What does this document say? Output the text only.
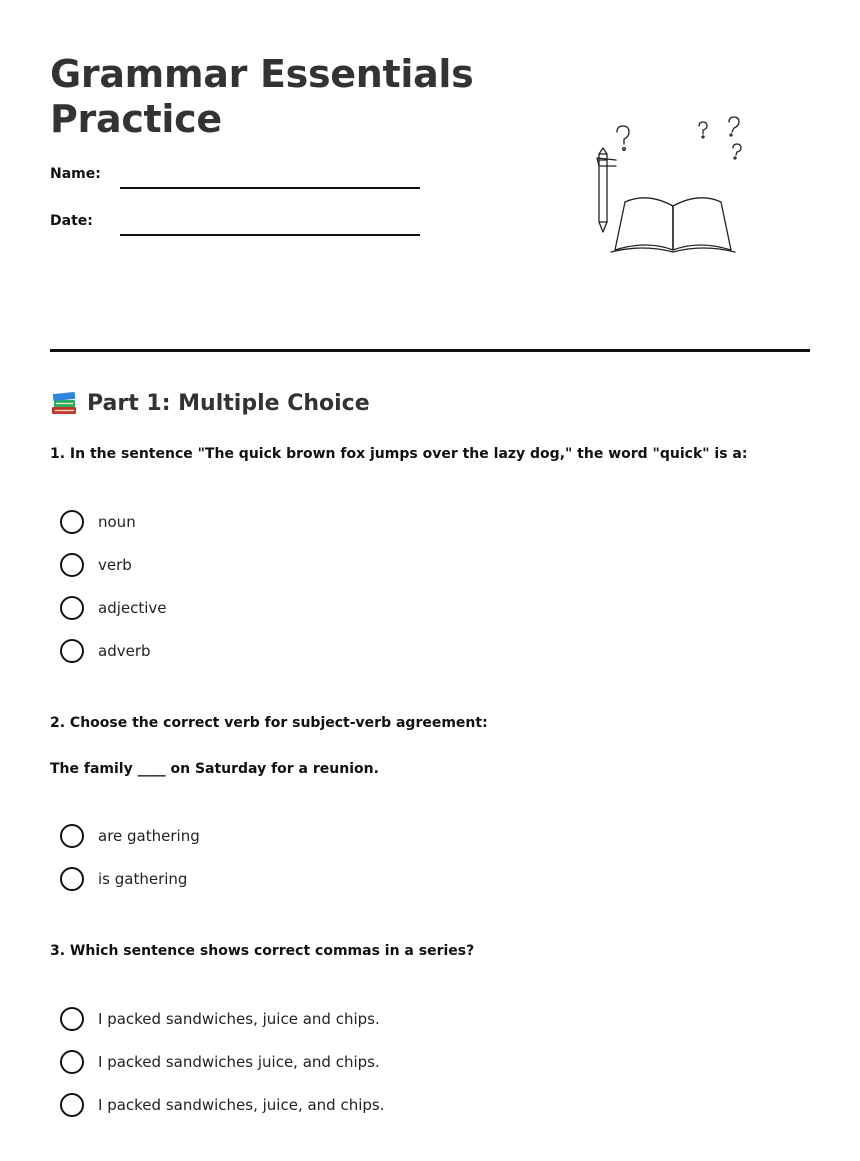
Grammar Essentials
Practice
Name:
Date:
Part 1: Multiple Choice
1. In the sentence "The quick brown fox jumps over the lazy dog," the word "quick" is a:
noun
verb
adjective
adverb
2. Choose the correct verb for subject-verb agreement:
The family ____ on Saturday for a reunion.
are gathering
is gathering
3. Which sentence shows correct commas in a series?
I packed sandwiches, juice and chips.
I packed sandwiches juice, and chips.
I packed sandwiches, juice, and chips.
